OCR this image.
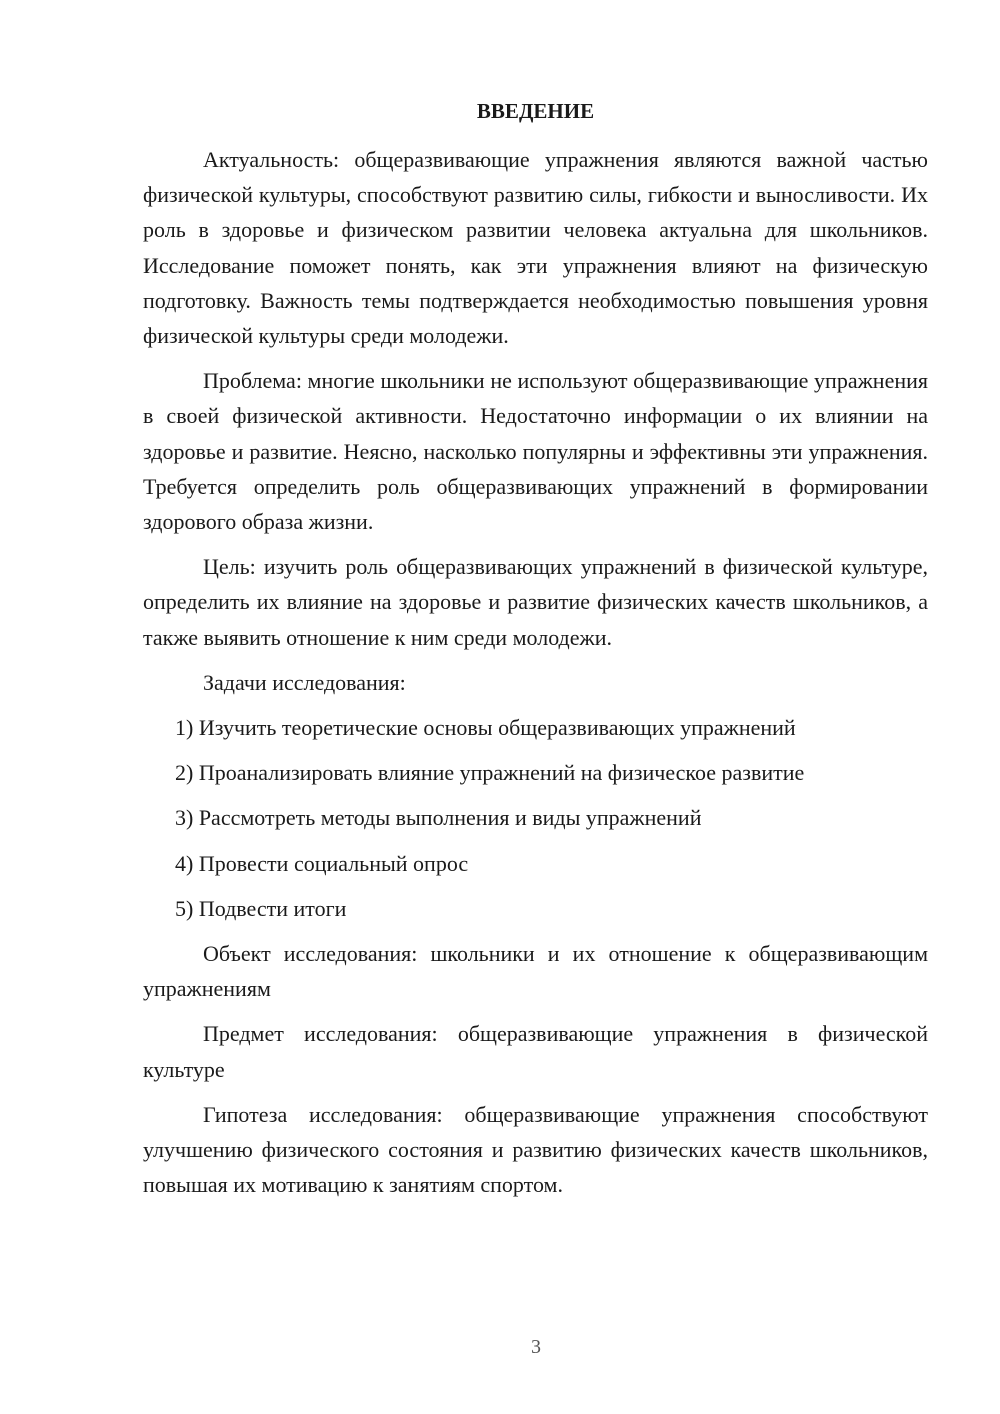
ВВЕДЕНИЕ

Актуальность: общеразвивающие упражнения являются важной частью физической культуры, способствуют развитию силы, гибкости и выносливости. Их роль в здоровье и физическом развитии человека актуальна для школьников. Исследование поможет понять, как эти упражнения влияют на физическую подготовку. Важность темы подтверждается необходимостью повышения уровня физической культуры среди молодежи.

Проблема: многие школьники не используют общеразвивающие упражнения в своей физической активности. Недостаточно информации о их влиянии на здоровье и развитие. Неясно, насколько популярны и эффективны эти упражнения. Требуется определить роль общеразвивающих упражнений в формировании здорового образа жизни.

Цель: изучить роль общеразвивающих упражнений в физической культуре, определить их влияние на здоровье и развитие физических качеств школьников, а также выявить отношение к ним среди молодежи.

Задачи исследования:

1) Изучить теоретические основы общеразвивающих упражнений
2) Проанализировать влияние упражнений на физическое развитие
3) Рассмотреть методы выполнения и виды упражнений
4) Провести социальный опрос
5) Подвести итоги

Объект исследования: школьники и их отношение к общеразвивающим упражнениям

Предмет исследования: общеразвивающие упражнения в физической культуре

Гипотеза исследования: общеразвивающие упражнения способствуют улучшению физического состояния и развитию физических качеств школьников, повышая их мотивацию к занятиям спортом.

3
